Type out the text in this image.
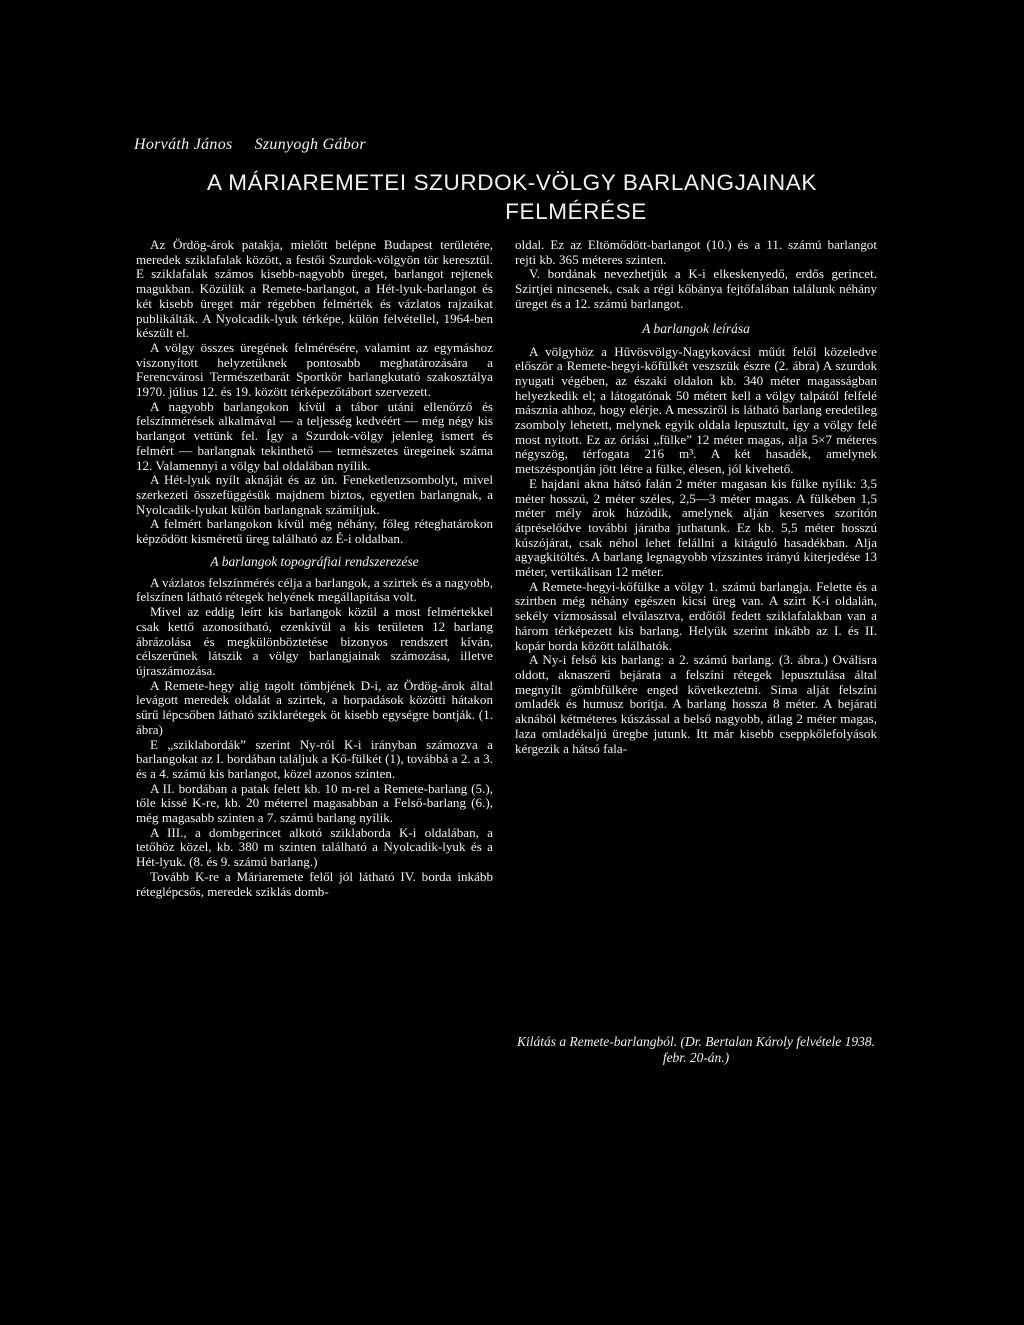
Horváth János Szunyogh Gábor
A MÁRIAREMETEI SZURDOK-VÖLGY BARLANGJAINAK
FELMÉRÉSE

Az Ördög-árok patakja, mielőtt belépne Budapest területére, meredek sziklafalak között, a festői Szurdok-völgyön tör keresztül. E sziklafalak számos kisebb-nagyobb üreget, barlangot rejtenek magukban. Közülük a Remete-barlangot, a Hét-lyuk-barlangot és két kisebb üreget már régebben felmérték és vázlatos rajzaikat publikálták. A Nyolcadik-lyuk térképe, külön felvétellel, 1964-ben készült el.

A völgy összes üregének felmérésére, valamint az egymáshoz viszonyított helyzetüknek pontosabb meghatározására a Ferencvárosi Természetbarát Sportkör barlangkutató szakosztálya 1970. július 12. és 19. között térképezőtábort szervezett.

A nagyobb barlangokon kívül a tábor utáni ellenőrző és felszínmérések alkalmával — a teljesség kedvéért — még négy kis barlangot vettünk fel. Így a Szurdok-völgy jelenleg ismert és felmért — barlangnak tekinthető — természetes üregeinek száma 12. Valamennyi a völgy bal oldalában nyílik.

A Hét-lyuk nyílt aknáját és az ún. Feneketlenzsombolyt, mivel szerkezeti összefüggésük majdnem biztos, egyetlen barlangnak, a Nyolcadik-lyukat külön barlangnak számítjuk.

A felmért barlangokon kívül még néhány, főleg réteghatárokon képződött kisméretű üreg található az É-i oldalban.

A barlangok topográfiai rendszerezése

A vázlatos felszínmérés célja a barlangok, a szirtek és a nagyobb, felszínen látható rétegek helyének megállapítása volt.

Mivel az eddig leírt kis barlangok közül a most felmértekkel csak kettő azonosítható, ezenkívül a kis területen 12 barlang ábrázolása és megkülönböztetése bizonyos rendszert kíván, célszerűnek látszik a völgy barlangjainak számozása, illetve újraszámozása.

A Remete-hegy alig tagolt tömbjének D-i, az Ördög-árok által levágott meredek oldalát a szirtek, a horpadások közötti hátakon sűrű lépcsőben látható sziklarétegek öt kisebb egységre bontják. (1. ábra)

E „sziklabordák” szerint Ny-ról K-i irányban számozva a barlangokat az I. bordában találjuk a Kő-fülkét (1), továbbá a 2. a 3. és a 4. számú kis barlangot, közel azonos szinten.

A II. bordában a patak felett kb. 10 m-rel a Remete-barlang (5.), tőle kissé K-re, kb. 20 méterrel magasabban a Felső-barlang (6.), még magasabb szinten a 7. számú barlang nyílik.

A III., a dombgerincet alkotó sziklaborda K-i oldalában, a tetőhöz közel, kb. 380 m szinten található a Nyolcadik-lyuk és a Hét-lyuk. (8. és 9. számú barlang.)

Tovább K-re a Máriaremete felől jól látható IV. borda inkább réteglépcsős, meredek sziklás domb-

oldal. Ez az Eltömődött-barlangot (10.) és a 11. számú barlangot rejti kb. 365 méteres szinten.

V. bordának nevezhetjük a K-i elkeskenyedő, erdős gerincet. Szirtjei nincsenek, csak a régi kőbánya fejtőfalában találunk néhány üreget és a 12. számú barlangot.

A barlangok leírása

A völgyhöz a Hűvösvölgy-Nagykovácsi műút felől közeledve először a Remete-hegyi-kőfülkét veszszük észre (2. ábra) A szurdok nyugati végében, az északi oldalon kb. 340 méter magasságban helyezkedik el; a látogatónak 50 métert kell a völgy talpától felfelé másznia ahhoz, hogy elérje. A messziről is látható barlang eredetileg zsomboly lehetett, melynek egyik oldala lepusztult, így a völgy felé most nyitott. Ez az óriási „fülke” 12 méter magas, alja 5×7 méteres négyszög, térfogata 216 m³. A két hasadék, amelynek metszéspontján jött létre a fülke, élesen, jól kivehető.

E hajdani akna hátsó falán 2 méter magasan kis fülke nyílik: 3,5 méter hosszú, 2 méter széles, 2,5—3 méter magas. A fülkében 1,5 méter mély árok húzódik, amelynek alján keserves szorítón átpréselődve további járatba juthatunk. Ez kb. 5,5 méter hosszú kúszójárat, csak néhol lehet felállni a kitáguló hasadékban. Alja agyagkitöltés. A barlang legnagyobb vízszintes irányú kiterjedése 13 méter, vertikálisan 12 méter.

A Remete-hegyi-kőfülke a völgy 1. számú barlangja. Felette és a szirtben még néhány egészen kicsi üreg van. A szirt K-i oldalán, sekély vízmosással elválasztva, erdőtől fedett sziklafalakban van a három térképezett kis barlang. Helyük szerint inkább az I. és II. kopár borda között találhatók.

A Ny-i felső kis barlang: a 2. számú barlang. (3. ábra.) Oválisra oldott, aknaszerű bejárata a felszíni rétegek lepusztulása által megnyílt gömbfülkére enged következtetni. Sima alját felszíni omladék és humusz borítja. A barlang hossza 8 méter. A bejárati aknából kétméteres kúszással a belső nagyobb, átlag 2 méter magas, laza omladékaljú üregbe jutunk. Itt már kisebb cseppkőlefolyások kérgezik a hátsó fala-

Kilátás a Remete-barlangból. (Dr. Bertalan Károly felvétele 1938. febr. 20-án.)
